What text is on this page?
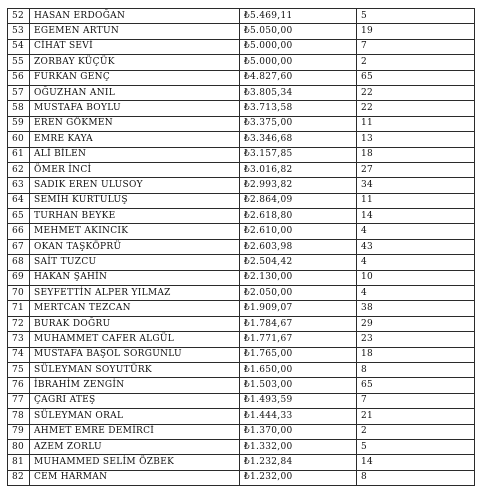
52	HASAN ERDOĞAN	₺5.469,11	5
53	EGEMEN ARTUN	₺5.050,00	19
54	CİHAT SEVİ	₺5.000,00	7
55	ZORBAY KÜÇÜK	₺5.000,00	2
56	FURKAN GENÇ	₺4.827,60	65
57	OĞUZHAN ANIL	₺3.805,34	22
58	MUSTAFA BOYLU	₺3.713,58	22
59	EREN GÖKMEN	₺3.375,00	11
60	EMRE KAYA	₺3.346,68	13
61	ALİ BİLEN	₺3.157,85	18
62	ÖMER İNCİ	₺3.016,82	27
63	SADIK EREN ULUSOY	₺2.993,82	34
64	SEMİH KURTULUŞ	₺2.864,09	11
65	TURHAN BEYKE	₺2.618,80	14
66	MEHMET AKINCIK	₺2.610,00	4
67	OKAN TAŞKÖPRÜ	₺2.603,98	43
68	SAİT TUZCU	₺2.504,42	4
69	HAKAN ŞAHİN	₺2.130,00	10
70	SEYFETTİN ALPER YILMAZ	₺2.050,00	4
71	MERTCAN TEZCAN	₺1.909,07	38
72	BURAK DOĞRU	₺1.784,67	29
73	MUHAMMET CAFER ALGÜL	₺1.771,67	23
74	MUSTAFA BAŞOL SORGUNLU	₺1.765,00	18
75	SÜLEYMAN SOYUTÜRK	₺1.650,00	8
76	İBRAHİM ZENGİN	₺1.503,00	65
77	ÇAĞRI ATEŞ	₺1.493,59	7
78	SÜLEYMAN ORAL	₺1.444,33	21
79	AHMET EMRE DEMİRCİ	₺1.370,00	2
80	AZEM ZORLU	₺1.332,00	5
81	MUHAMMED SELİM ÖZBEK	₺1.232,84	14
82	CEM HARMAN	₺1.232,00	8
